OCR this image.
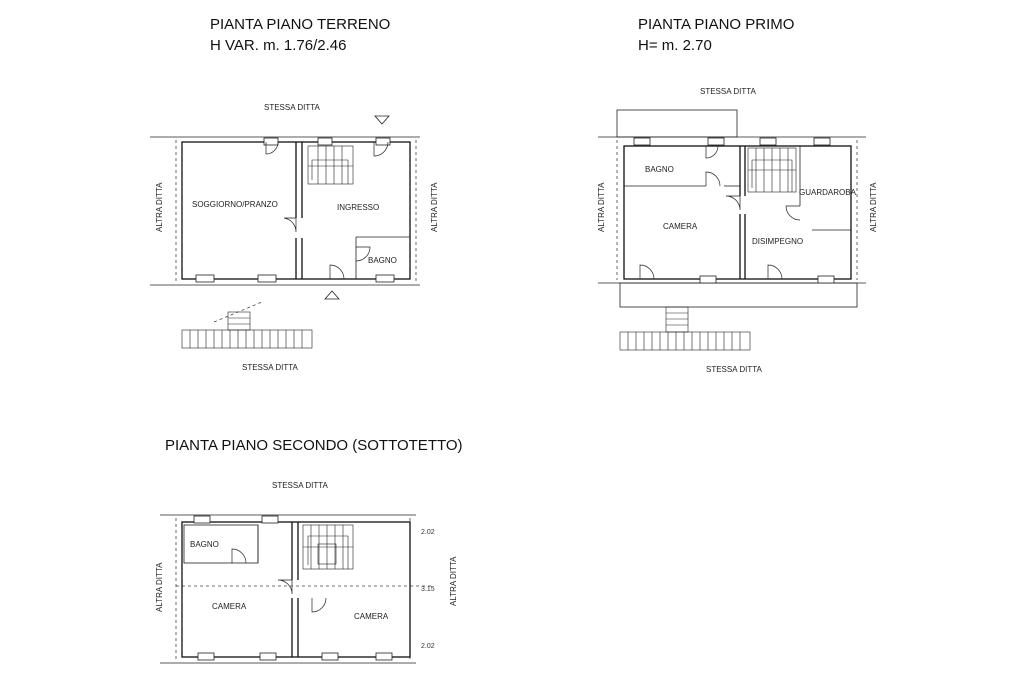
PIANTA PIANO TERRENO
H VAR. m. 1.76/2.46
STESSA DITTA
STESSA DITTA
ALTRA DITTA	ALTRA DITTA
SOGGIORNO/PRANZO	INGRESSO
BAGNO
PIANTA PIANO PRIMO
H= m. 2.70
STESSA DITTA
STESSA DITTA
ALTRA DITTA	ALTRA DITTA
BAGNO
CAMERA
GUARDAROBA
DISIMPEGNO
PIANTA PIANO SECONDO (SOTTOTETTO)
STESSA DITTA
ALTRA DITTA	ALTRA DITTA
BAGNO
CAMERA
CAMERA
2.02
3.15
2.02
